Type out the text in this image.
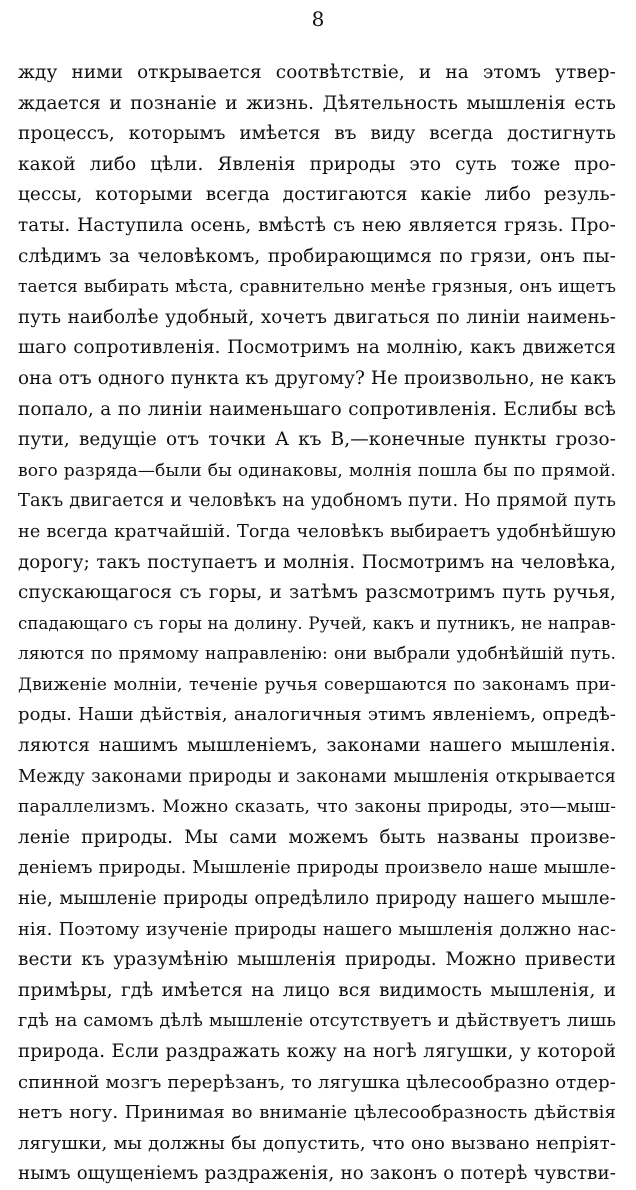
8
жду ними открывается соотвѣтствіе, и на этомъ утвер-
ждается и познаніе и жизнь. Дѣятельность мышленія есть
процессъ, которымъ имѣется въ виду всегда достигнуть
какой либо цѣли. Явленія природы это суть тоже про-
цессы, которыми всегда достигаются какіе либо резуль-
таты. Наступила осень, вмѣстѣ съ нею является грязь. Про-
слѣдимъ за человѣкомъ, пробирающимся по грязи, онъ пы-
тается выбирать мѣста, сравнительно менѣе грязныя, онъ ищетъ
путь наиболѣе удобный, хочетъ двигаться по линіи наимень-
шаго сопротивленія. Посмотримъ на молнію, какъ движется
она отъ одного пункта къ другому? Не произвольно, не какъ
попало, а по линіи наименьшаго сопротивленія. Еслибы всѣ
пути, ведущіе отъ точки А къ В,—конечные пункты грозо-
вого разряда—были бы одинаковы, молнія пошла бы по прямой.
Такъ двигается и человѣкъ на удобномъ пути. Но прямой путь
не всегда кратчайшій. Тогда человѣкъ выбираетъ удобнѣйшую
дорогу; такъ поступаетъ и молнія. Посмотримъ на человѣка,
спускающагося съ горы, и затѣмъ разсмотримъ путь ручья,
спадающаго съ горы на долину. Ручей, какъ и путникъ, не направ-
ляются по прямому направленію: они выбрали удобнѣйшій путь.
Движеніе молніи, теченіе ручья совершаются по законамъ при-
роды. Наши дѣйствія, аналогичныя этимъ явленіемъ, опредѣ-
ляются нашимъ мышленіемъ, законами нашего мышленія.
Между законами природы и законами мышленія открывается
параллелизмъ. Можно сказать, что законы природы, это—мыш-
леніе природы. Мы сами можемъ быть названы произве-
деніемъ природы. Мышленіе природы произвело наше мышле-
ніе, мышленіе природы опредѣлило природу нашего мышле-
нія. Поэтому изученіе природы нашего мышленія должно нас-
вести къ уразумѣнію мышленія природы. Можно привести
примѣры, гдѣ имѣется на лицо вся видимость мышленія, и
гдѣ на самомъ дѣлѣ мышленіе отсутствуетъ и дѣйствуетъ лишь
природа. Если раздражать кожу на ногѣ лягушки, у которой
спинной мозгъ перерѣзанъ, то лягушка цѣлесообразно отдер-
нетъ ногу. Принимая во вниманіе цѣлесообразность дѣйствія
лягушки, мы должны бы допустить, что оно вызвано непріят-
нымъ ощущеніемъ раздраженія, но законъ о потерѣ чувстви-
